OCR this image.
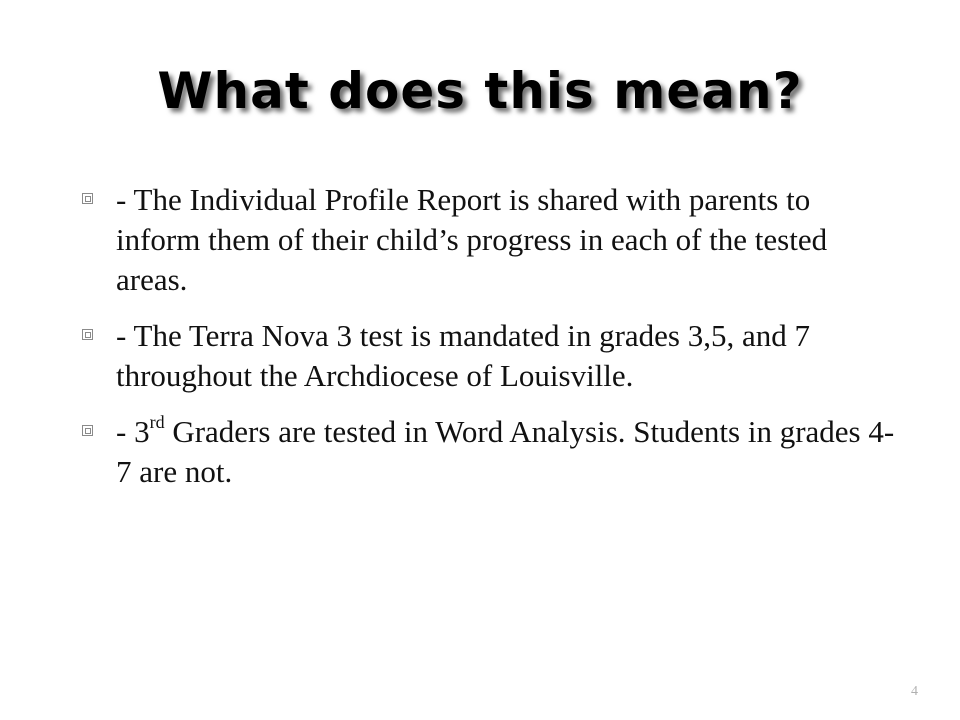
What does this mean?
- The Individual Profile Report is shared with parents to inform them of their child’s progress in each of the tested areas.
- The Terra Nova 3 test is mandated in grades 3,5, and 7 throughout the Archdiocese of Louisville.
- 3rd Graders are tested in Word Analysis. Students in grades 4-7 are not.
4
